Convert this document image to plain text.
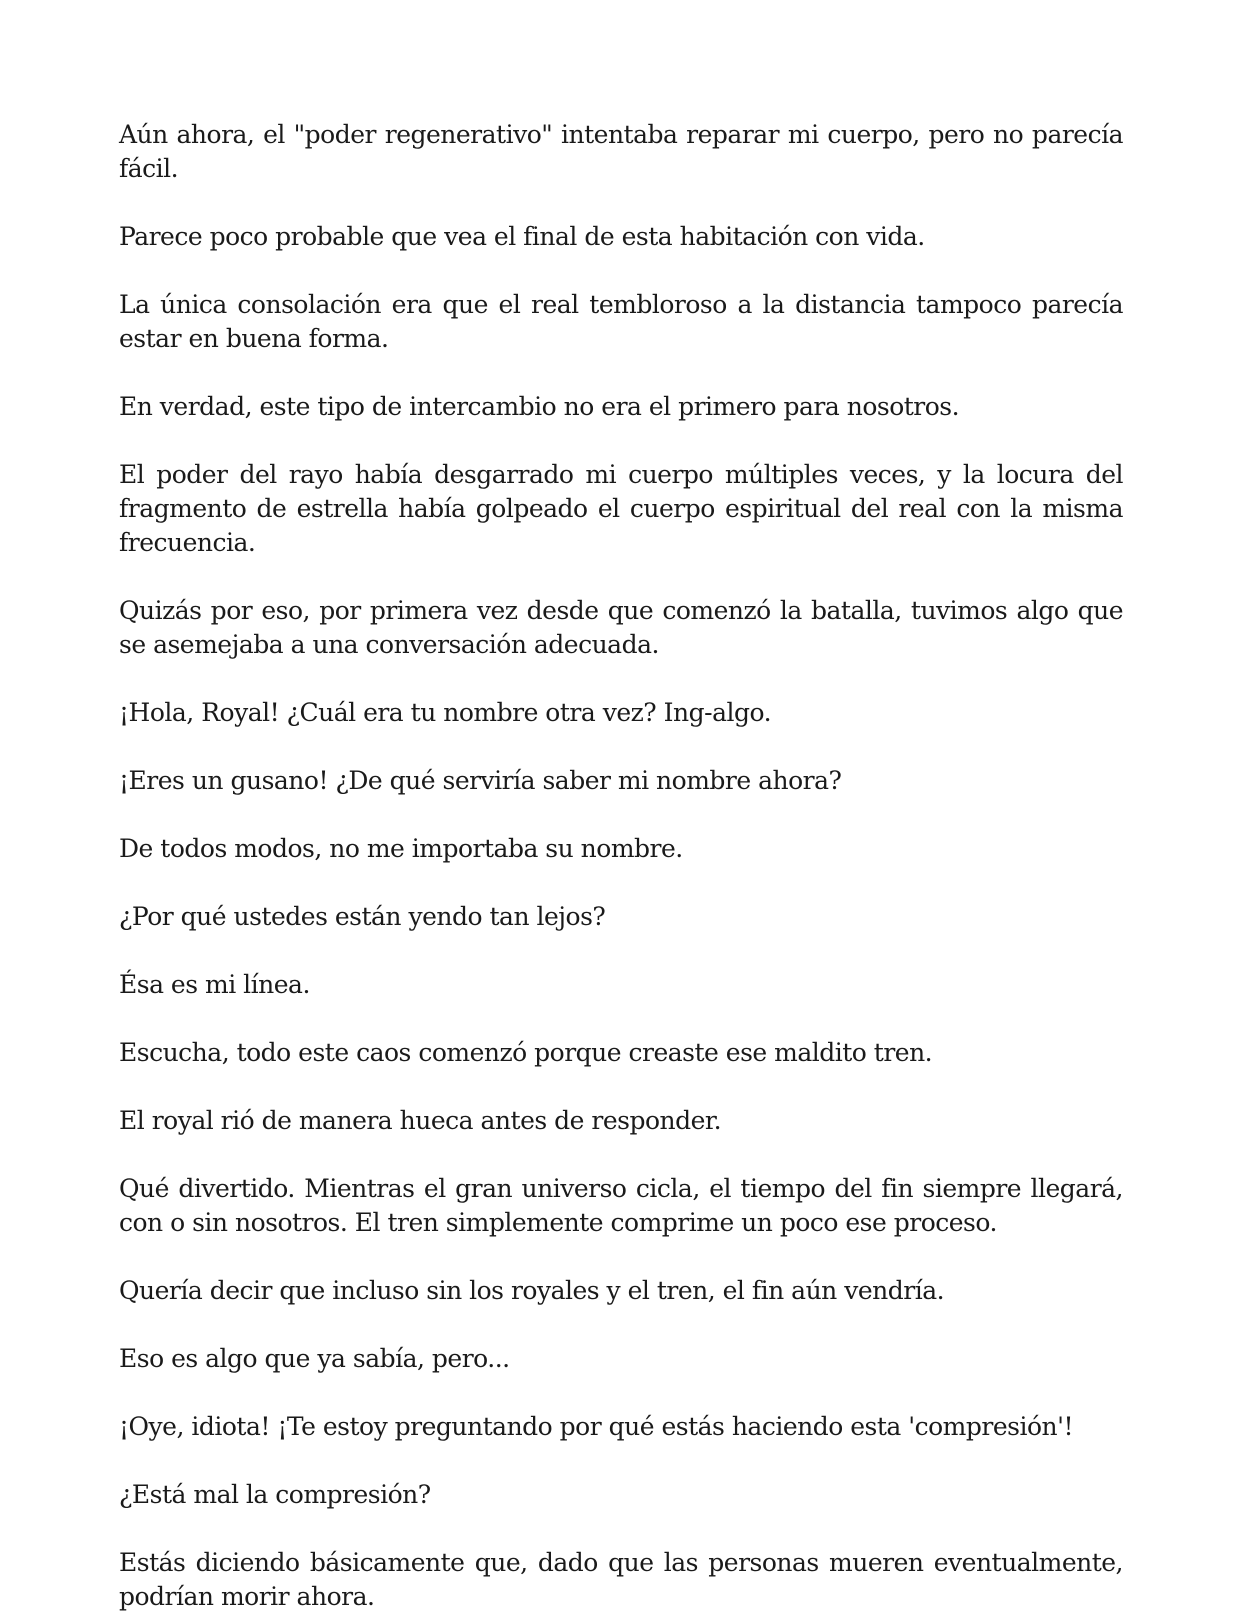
Aún ahora, el "poder regenerativo" intentaba reparar mi cuerpo, pero no parecía fácil.

Parece poco probable que vea el final de esta habitación con vida.

La única consolación era que el real tembloroso a la distancia tampoco parecía estar en buena forma.

En verdad, este tipo de intercambio no era el primero para nosotros.

El poder del rayo había desgarrado mi cuerpo múltiples veces, y la locura del fragmento de estrella había golpeado el cuerpo espiritual del real con la misma frecuencia.

Quizás por eso, por primera vez desde que comenzó la batalla, tuvimos algo que se asemejaba a una conversación adecuada.

¡Hola, Royal! ¿Cuál era tu nombre otra vez? Ing-algo.

¡Eres un gusano! ¿De qué serviría saber mi nombre ahora?

De todos modos, no me importaba su nombre.

¿Por qué ustedes están yendo tan lejos?

Ésa es mi línea.

Escucha, todo este caos comenzó porque creaste ese maldito tren.

El royal rió de manera hueca antes de responder.

Qué divertido. Mientras el gran universo cicla, el tiempo del fin siempre llegará, con o sin nosotros. El tren simplemente comprime un poco ese proceso.

Quería decir que incluso sin los royales y el tren, el fin aún vendría.

Eso es algo que ya sabía, pero...

¡Oye, idiota! ¡Te estoy preguntando por qué estás haciendo esta 'compresión'!

¿Está mal la compresión?

Estás diciendo básicamente que, dado que las personas mueren eventualmente, podrían morir ahora.
